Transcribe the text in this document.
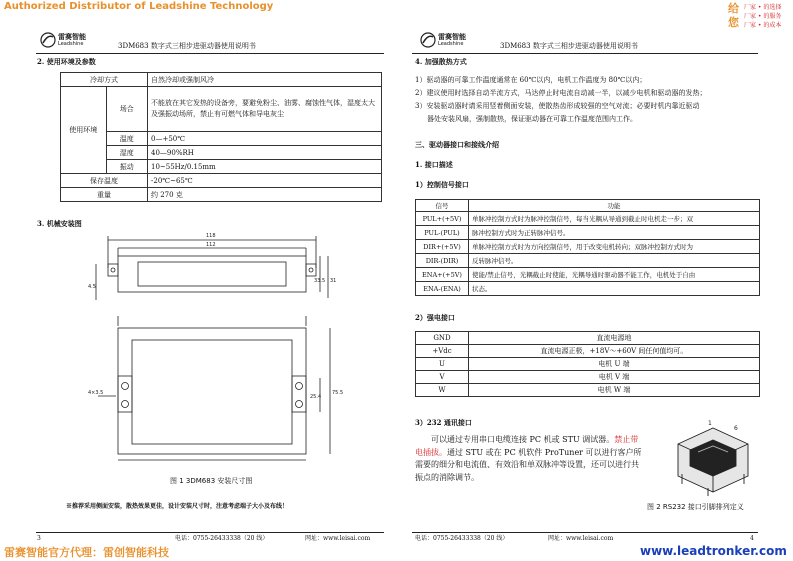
Authorized Distributor of Leadshine Technology	给您
厂家 • 的选择
厂家 • 的服务
厂家 • 的成本
雷赛智能
Leadshine	3DM683 数字式三相步进驱动器使用说明书
2. 使用环境及参数
冷却方式		自然冷却或强制风冷
使用环境	场合	不能放在其它发热的设备旁，要避免粉尘、油雾、腐蚀性气体，湿度太大及强振动场所，禁止有可燃气体和导电灰尘
	温度	0—+50℃
	湿度	40—90%RH
	振动	10~55Hz/0.15mm
保存温度		-20℃~65℃
重量		约 270 克
3. 机械安装图
118
112
4.5
33.5 31
4×3.5	75.5
25.4
图 1 3DM683 安装尺寸图
※推荐采用侧面安装，散热效果更佳，设计安装尺寸时，注意考虑端子大小及布线！
3	电话：0755-26433338（20 线）	网址：www.leisai.com
雷赛智能
Leadshine	3DM683 数字式三相步进驱动器使用说明书
4. 加强散热方式
1）驱动器的可靠工作温度通常在 60℃以内，电机工作温度为 80℃以内；
2）建议使用时选择自动半流方式，马达停止时电流自动减一半，以减少电机和驱动器的发热；
3）安装驱动器时请采用竖着侧面安装，使散热齿形成较强的空气对流；必要时机内靠近驱动
器处安装风扇，强制散热，保证驱动器在可靠工作温度范围内工作。
三、驱动器接口和接线介绍
1. 接口描述
1）控制信号接口
信号	功能
PUL+(+5V)	单脉冲控制方式时为脉冲控制信号，每当光耦从导通到截止时电机走一步；双
PUL-(PUL)	脉冲控制方式时为正转脉冲信号。
DIR+(+5V)	单脉冲控制方式时为方向控制信号，用于改变电机转向；双脉冲控制方式时为
DIR-(DIR)	反转脉冲信号。
ENA+(+5V)	使能/禁止信号，光耦截止时使能，光耦导通时驱动器不能工作，电机处于自由
ENA-(ENA)	状态。
2）强电接口
GND	直流电源地
+Vdc	直流电源正极，+18V～+60V 间任何值均可。
U	电机 U 端
V	电机 V 端
W	电机 W 端
3）232 通讯接口
可以通过专用串口电缆连接 PC 机或 STU 调试器。禁止带电插拔。通过 STU 或在 PC 机软件 ProTuner 可以进行客户所需要的细分和电流值、有效沿和单双脉冲等设置，还可以进行共振点的消除调节。
1
6
图 2 RS232 接口引脚排列定义
电话：0755-26433338（20 线）	网址：www.leisai.com	4
雷赛智能官方代理：雷创智能科技	www.leadtronker.com
